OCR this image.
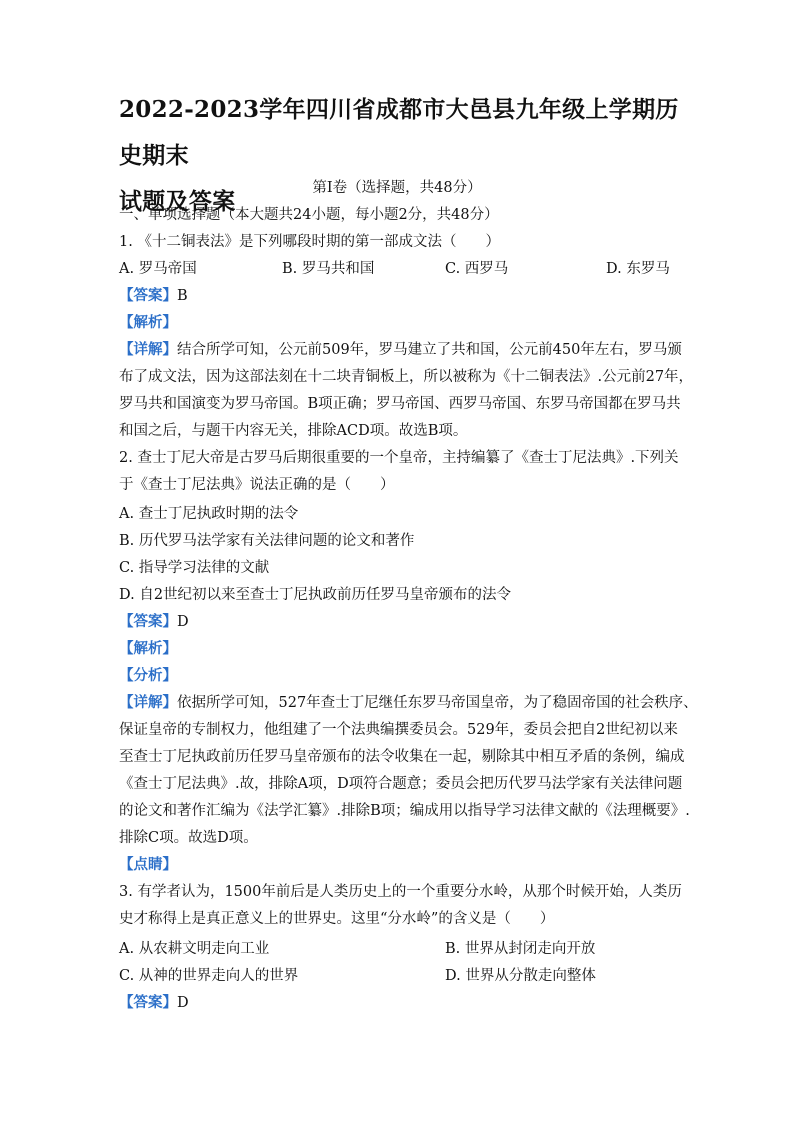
2022-2023学年四川省成都市大邑县九年级上学期历史期末
试题及答案	第Ⅰ卷（选择题，共48分）
一、单项选择题（本大题共24小题，每小题2分，共48分）
1. 《十二铜表法》是下列哪段时期的第一部成文法（　　）
A. 罗马帝国	B. 罗马共和国	C. 西罗马	D. 东罗马
【答案】B
【解析】
【详解】结合所学可知，公元前509年，罗马建立了共和国，公元前450年左右，罗马颁
布了成文法，因为这部法刻在十二块青铜板上，所以被称为《十二铜表法》.公元前27年，
罗马共和国演变为罗马帝国。B项正确；罗马帝国、西罗马帝国、东罗马帝国都在罗马共
和国之后，与题干内容无关，排除ACD项。故选B项。
2. 查士丁尼大帝是古罗马后期很重要的一个皇帝，主持编纂了《查士丁尼法典》.下列关
于《查士丁尼法典》说法正确的是（　　）
A. 查士丁尼执政时期的法令
B. 历代罗马法学家有关法律问题的论文和著作
C. 指导学习法律的文献
D. 自2世纪初以来至查士丁尼执政前历任罗马皇帝颁布的法令
【答案】D
【解析】
【分析】
【详解】依据所学可知，527年查士丁尼继任东罗马帝国皇帝，为了稳固帝国的社会秩序、
保证皇帝的专制权力，他组建了一个法典编撰委员会。529年，委员会把自2世纪初以来
至查士丁尼执政前历任罗马皇帝颁布的法令收集在一起，剔除其中相互矛盾的条例，编成
《查士丁尼法典》.故，排除A项，D项符合题意；委员会把历代罗马法学家有关法律问题
的论文和著作汇编为《法学汇纂》.排除B项；编成用以指导学习法律文献的《法理概要》.
排除C项。故选D项。
【点睛】
3. 有学者认为，1500年前后是人类历史上的一个重要分水岭，从那个时候开始，人类历
史才称得上是真正意义上的世界史。这里“分水岭”的含义是（　　）
A. 从农耕文明走向工业	B. 世界从封闭走向开放
C. 从神的世界走向人的世界	D. 世界从分散走向整体
【答案】D
